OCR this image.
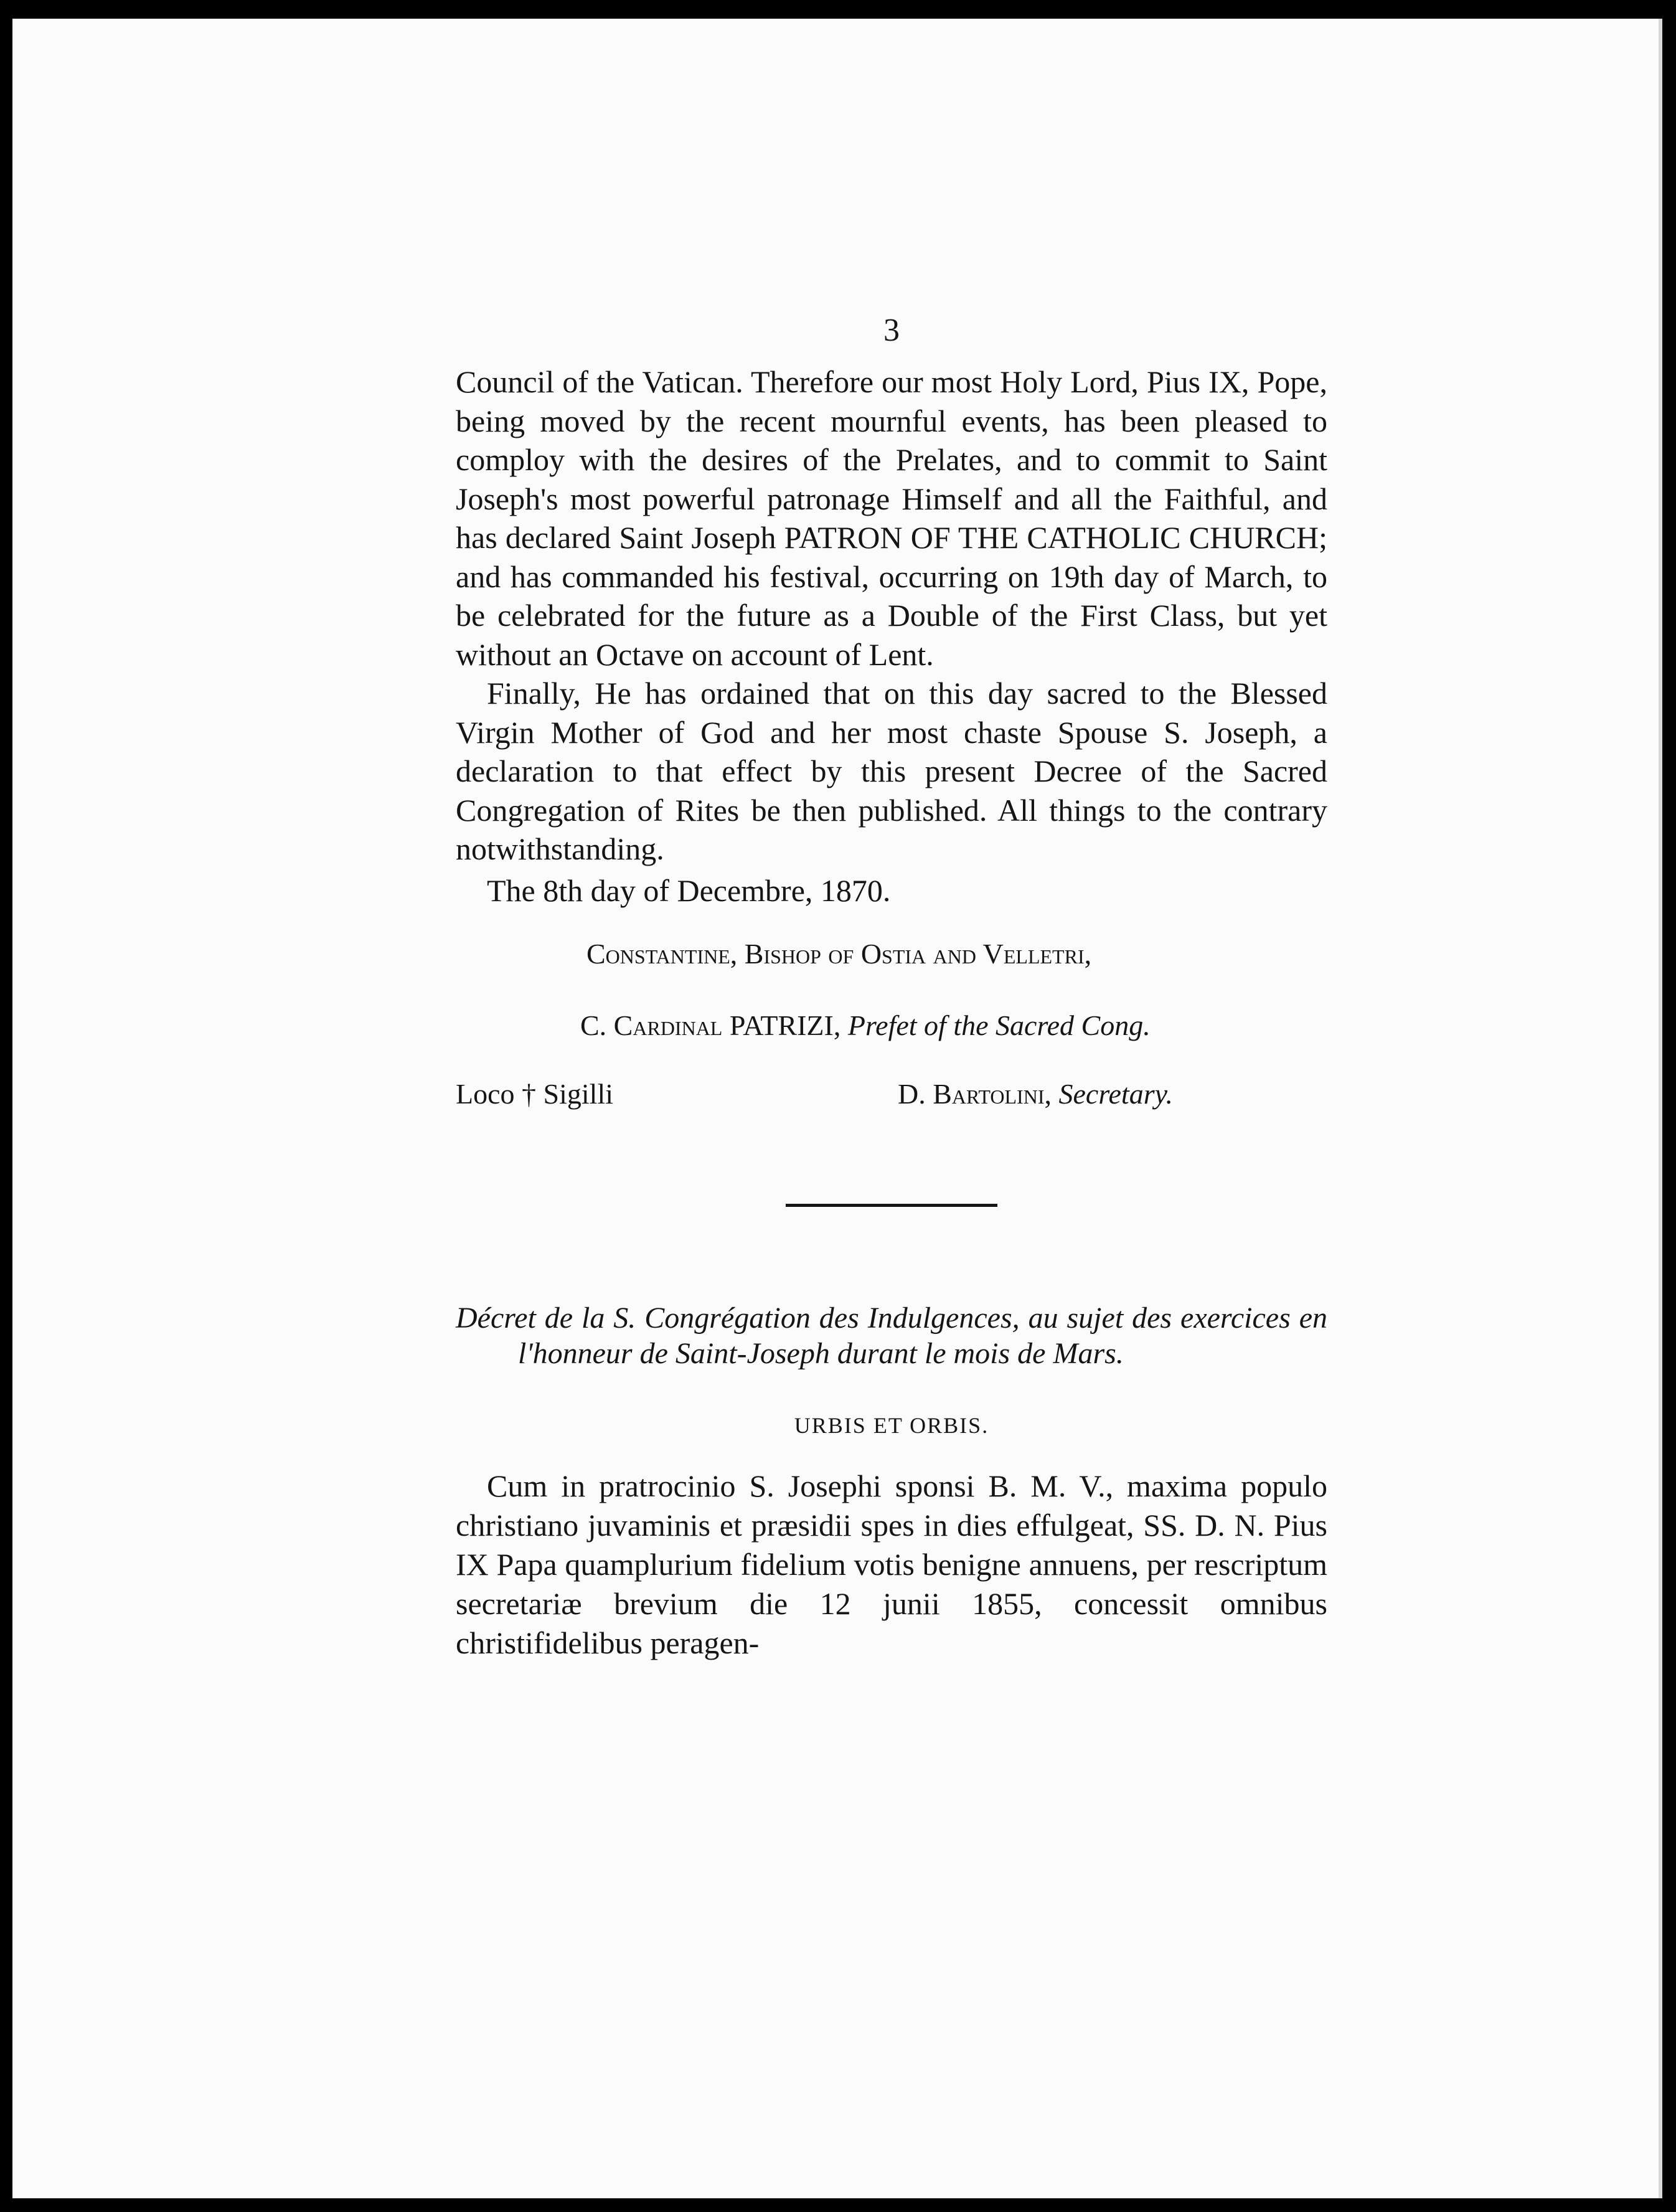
3

Council of the Vatican. Therefore our most Holy Lord, Pius IX, Pope, being moved by the recent mournful events, has been pleased to comploy with the desires of the Prelates, and to commit to Saint Joseph's most powerful patronage Himself and all the Faithful, and has declared Saint Joseph PATRON OF THE CATHOLIC CHURCH; and has commanded his festival, occurring on 19th day of March, to be celebrated for the future as a Double of the First Class, but yet without an Octave on account of Lent.

Finally, He has ordained that on this day sacred to the Blessed Virgin Mother of God and her most chaste Spouse S. Joseph, a declaration to that effect by this present Decree of the Sacred Congregation of Rites be then published. All things to the contrary notwithstanding.

The 8th day of Decembre, 1870.

Constantine, Bishop of Ostia and Velletri,
C. Cardinal PATRIZI, Prefet of the Sacred Cong.
Loco † Sigilli	D. Bartolini, Secretary.

Décret de la S. Congrégation des Indulgences, au sujet des exercices en l'honneur de Saint-Joseph durant le mois de Mars.

URBIS ET ORBIS.

Cum in pratrocinio S. Josephi sponsi B. M. V., maxima populo christiano juvaminis et præsidii spes in dies effulgeat, SS. D. N. Pius IX Papa quamplurium fidelium votis benigne annuens, per rescriptum secretariæ brevium die 12 junii 1855, concessit omnibus christifidelibus peragen-
